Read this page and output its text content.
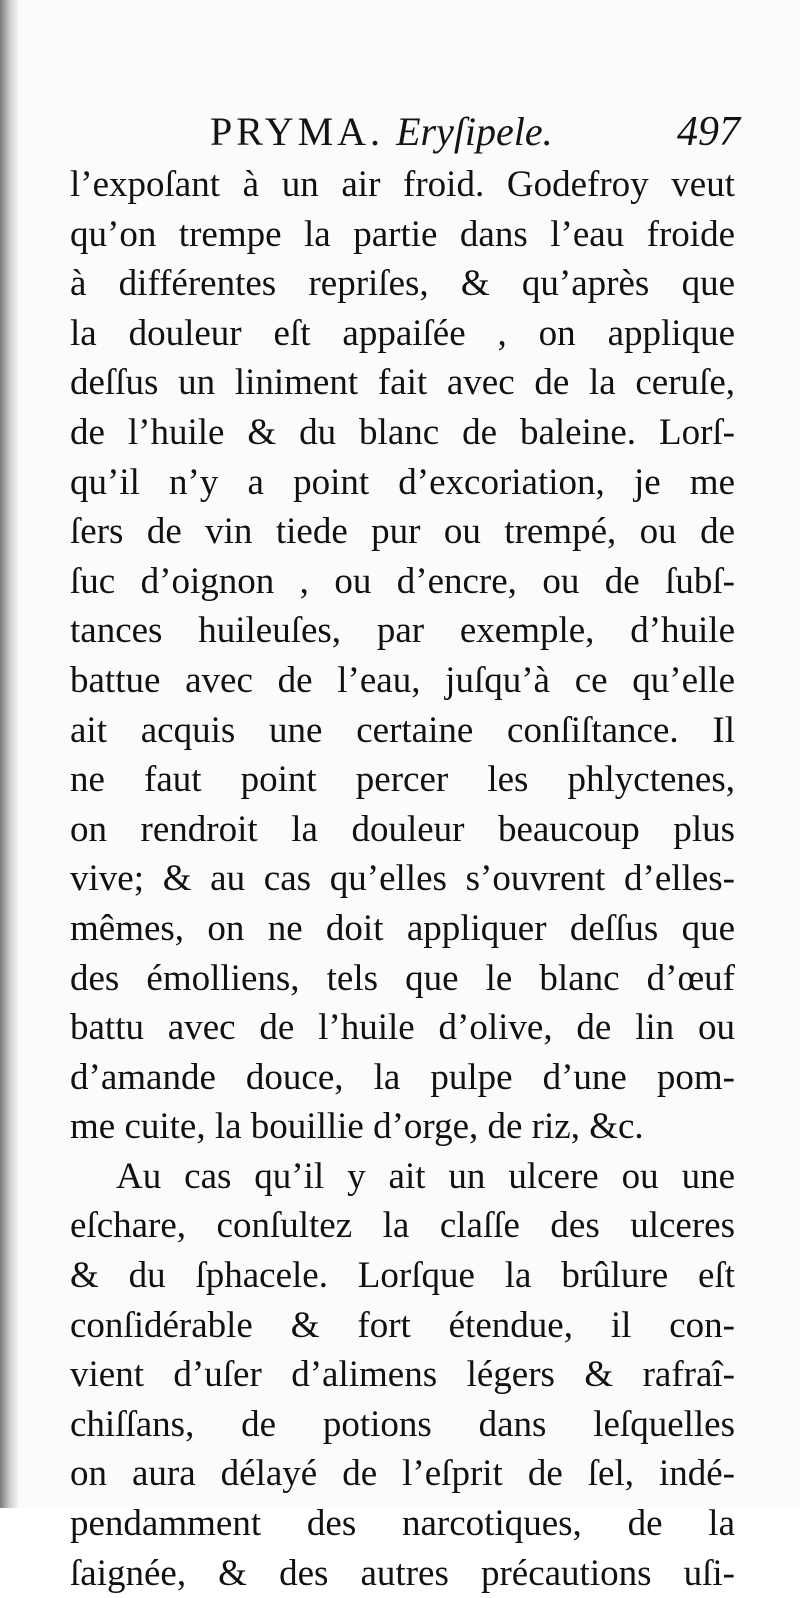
PRYMA. Eryſipele.	497
l’expoſant à un air froid. Godefroy veut
qu’on trempe la partie dans l’eau froide
à différentes repriſes, & qu’après que
la douleur eſt appaiſée , on applique
deſſus un liniment fait avec de la ceruſe,
de l’huile & du blanc de baleine. Lorſ-
qu’il n’y a point d’excoriation, je me
ſers de vin tiede pur ou trempé, ou de
ſuc d’oignon , ou d’encre, ou de ſubſ-
tances huileuſes, par exemple, d’huile
battue avec de l’eau, juſqu’à ce qu’elle
ait acquis une certaine conſiſtance. Il
ne faut point percer les phlyctenes,
on rendroit la douleur beaucoup plus
vive; & au cas qu’elles s’ouvrent d’elles-
mêmes, on ne doit appliquer deſſus que
des émolliens, tels que le blanc d’œuf
battu avec de l’huile d’olive, de lin ou
d’amande douce, la pulpe d’une pom-
me cuite, la bouillie d’orge, de riz, &c.
Au cas qu’il y ait un ulcere ou une
eſchare, conſultez la claſſe des ulceres
& du ſphacele. Lorſque la brûlure eſt
conſidérable & fort étendue, il con-
vient d’uſer d’alimens légers & rafraî-
chiſſans, de potions dans leſquelles
on aura délayé de l’eſprit de ſel, indé-
pendamment des narcotiques, de la
ſaignée, & des autres précautions uſi-
